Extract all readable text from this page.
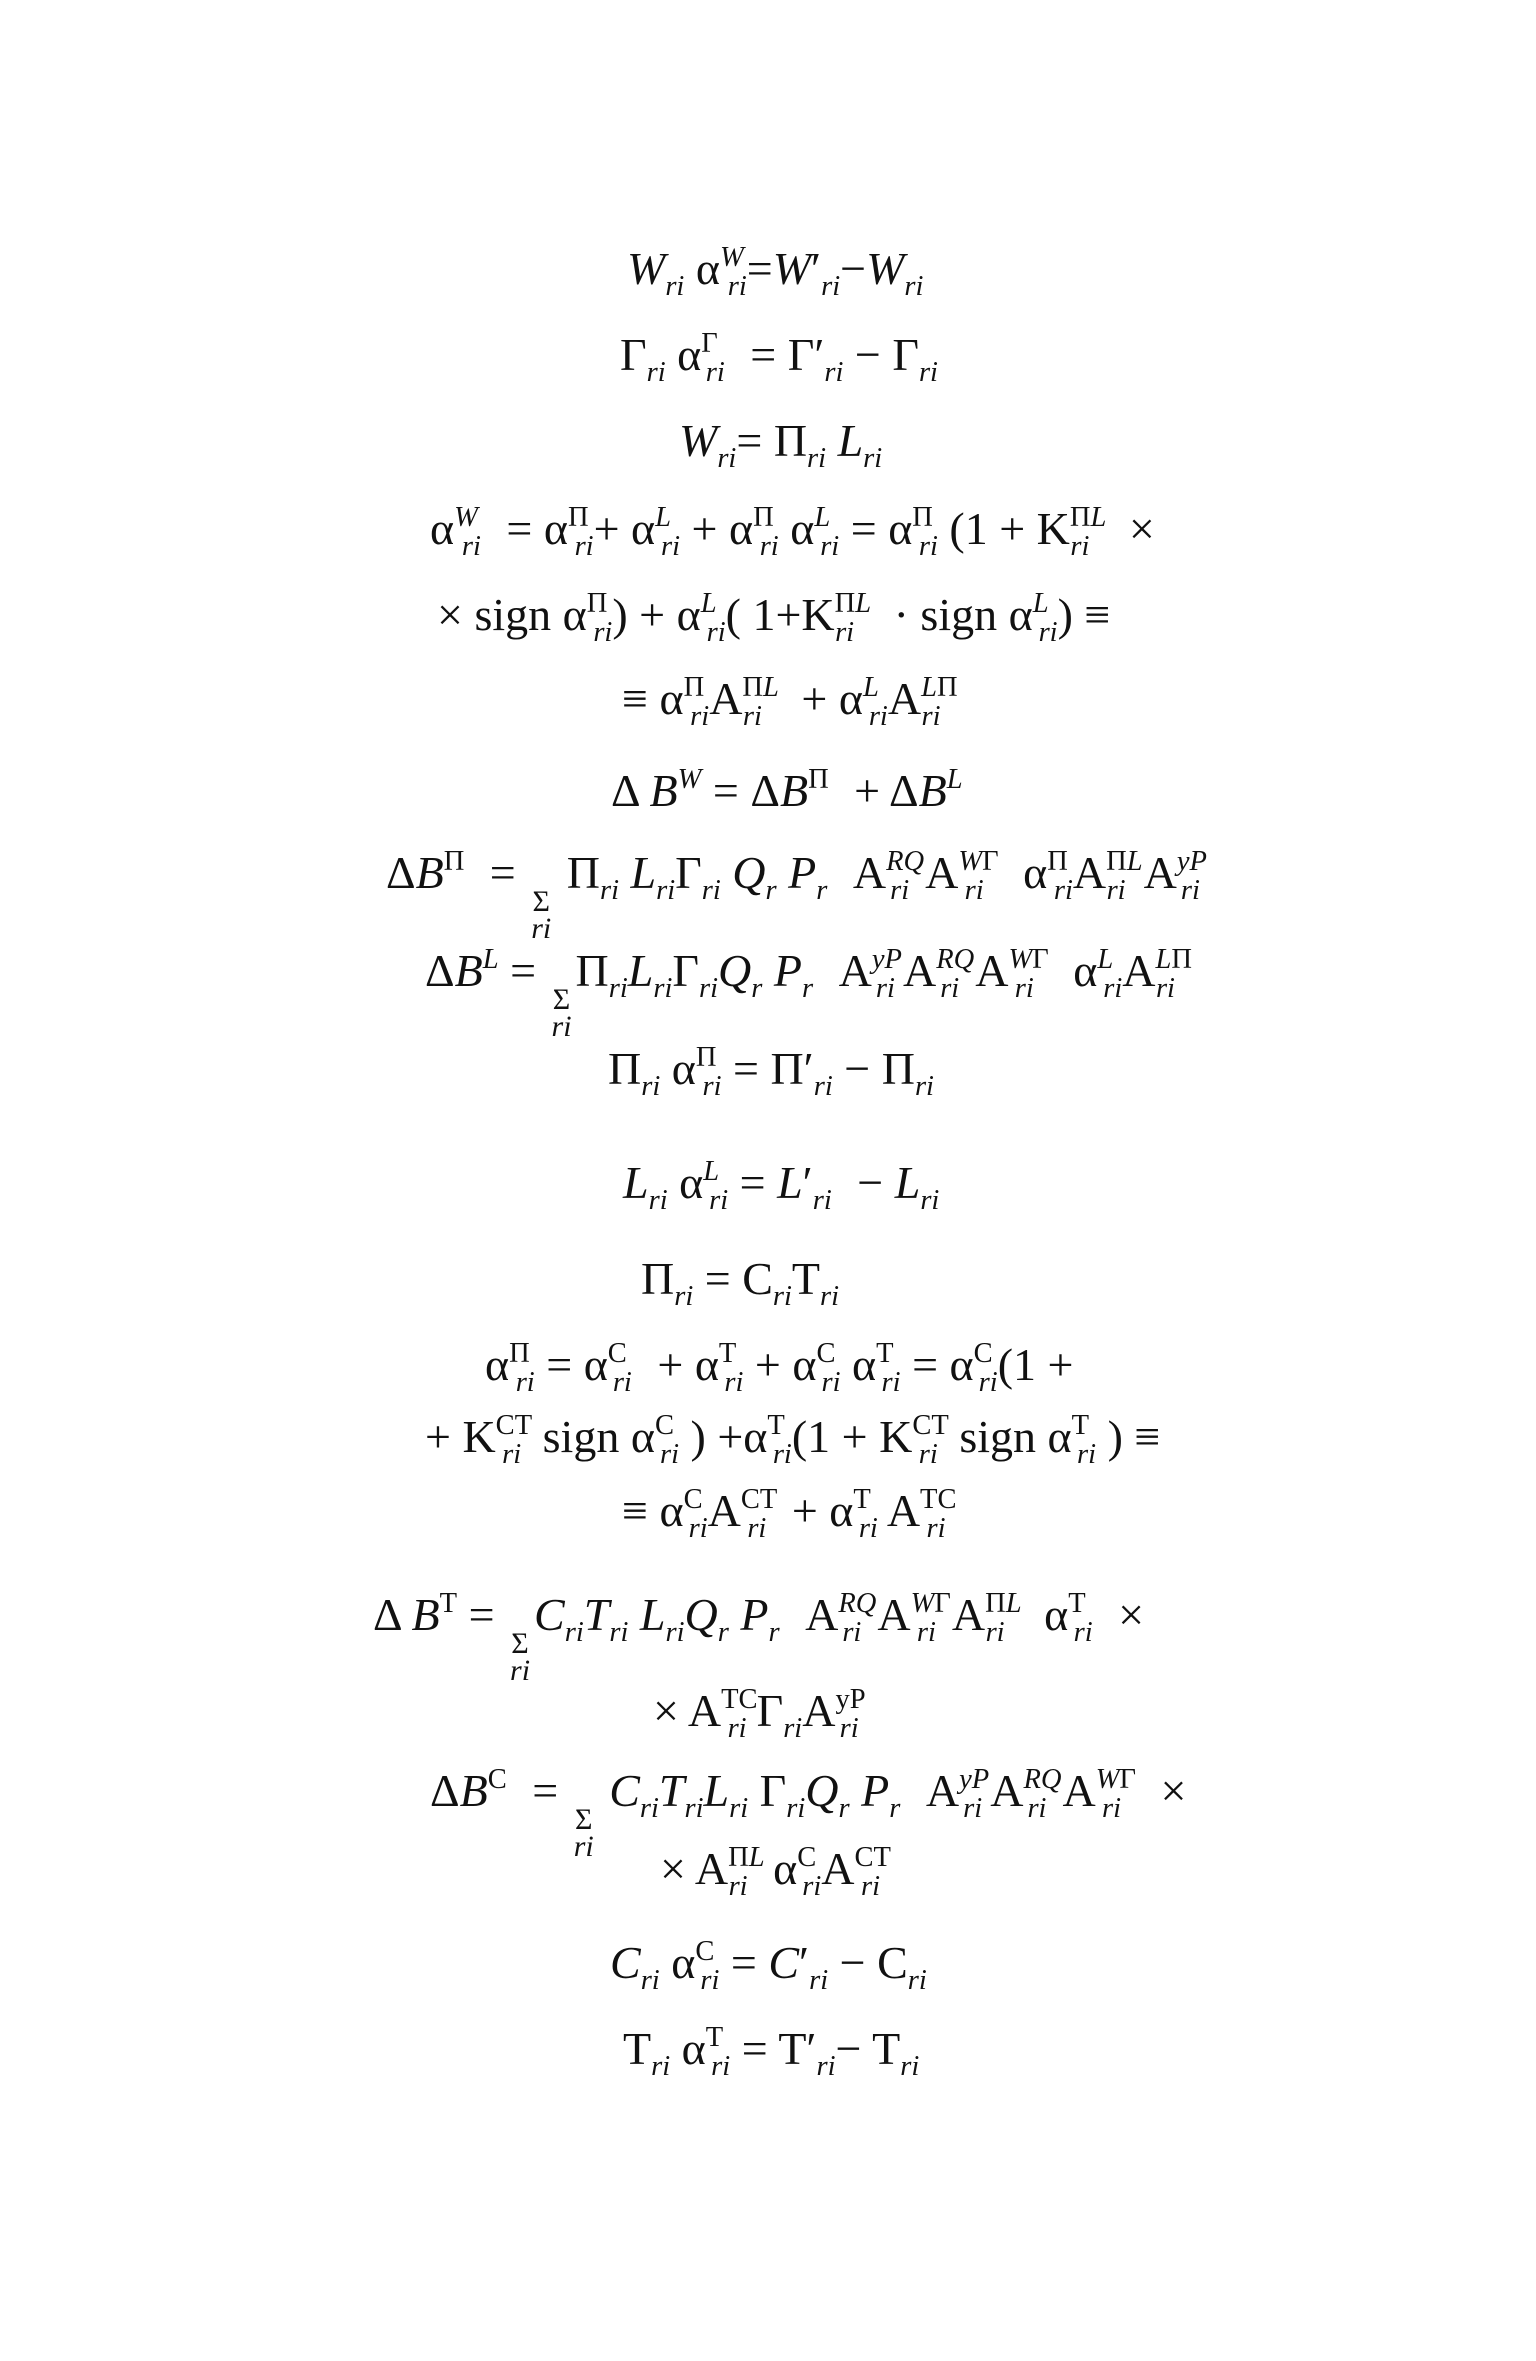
$W_{ri}$ $\alpha^W_{ri}=W'_{ri}-W_{ri}$
$\Gamma_{ri}$ $\alpha^\Gamma_{ri} = \Gamma'_{ri} - \Gamma_{ri}$
$W_{ri}= \Pi_{ri}$ $L_{ri}$
$\alpha^W_{ri} = \alpha^\Pi_{ri}+ \alpha^L_{ri} + \alpha^\Pi_{ri}$ $\alpha^L_{ri} = \alpha^\Pi_{ri}$ ($1 + K^{\Pi L}_{ri}$ ×
× sign $\alpha^\Pi_{ri}) + \alpha^L_{ri}$( $1+K^{\Pi L}_{ri}$ · sign $\alpha^L_{ri}$) ≡
≡ $\alpha^\Pi_{ri}A^{\Pi L}_{ri} + \alpha^L_{ri}A^{L\Pi}_{ri}$
Δ $B^W = \Delta B^\Pi + \Delta B^L$
$\Delta B^\Pi$ =
Σ
ri
$\Pi_{ri}$ $L_{ri}\Gamma_{ri}$ $Q_r$ $P_r$ $A^{RQ}_{ri}$ $A^{W\Gamma}_{ri}$ $\alpha^\Pi_{ri}A^{\Pi L}_{ri}$ $A^{yP}_{ri}$
$\Delta B^L$ =
Σ
ri
$\Pi_{ri}L_{ri}\Gamma_{ri}Q_r$ $P_r$ $A^{yP}_{ri}$ $A^{RQ}_{ri}$ $A^{W\Gamma}_{ri}$ $\alpha^L_{ri}A^{L\Pi}_{ri}$
$\Pi_{ri}$ $\alpha^\Pi_{ri} = \Pi'_{ri} - \Pi_{ri}$
$L_{ri}$ $\alpha^L_{ri} = L'_{ri} - L_{ri}$
$\Pi_{ri} = C_{ri}T_{ri}$
$\alpha^\Pi_{ri} = \alpha^C_{ri} + \alpha^T_{ri} + \alpha^C_{ri}$ $\alpha^T_{ri} = \alpha^C_{ri}(1$ +
+ $K^{CT}_{ri}$ sign $\alpha^C_{ri}$ ) $+\alpha^T_{ri}(1 + K^{CT}_{ri}$ sign $\alpha^T_{ri}$ ) ≡
≡ $\alpha^C_{ri}A^{CT}_{ri} + \alpha^T_{ri}$ $A^{TC}_{ri}$
Δ $B^T$ =
Σ
ri
$C_{ri}T_{ri}$ $L_{ri}Q_r$ $P_r$ $A^{RQ}_{ri}$ $A^{W\Gamma}_{ri}$ $A^{\Pi L}_{ri}$ $\alpha^T_{ri}$ ×
× $A^{TC}_{ri}$ $\Gamma_{ri}A^{yP}_{ri}$
$\Delta B^C$ =
Σ
ri
$C_{ri}T_{ri}L_{ri}$ $\Gamma_{ri}Q_r$ $P_r$ $A^{yP}_{ri}$ $A^{RQ}_{ri}$ $A^{W\Gamma}_{ri}$ ×
× $A^{\Pi L}_{ri}$ $\alpha^C_{ri}A^{CT}_{ri}$
$C_{ri}$ $\alpha^C_{ri} = C'_{ri} - C_{ri}$
$T_{ri}$ $\alpha^T_{ri} = T'_{ri}- T_{ri}$
